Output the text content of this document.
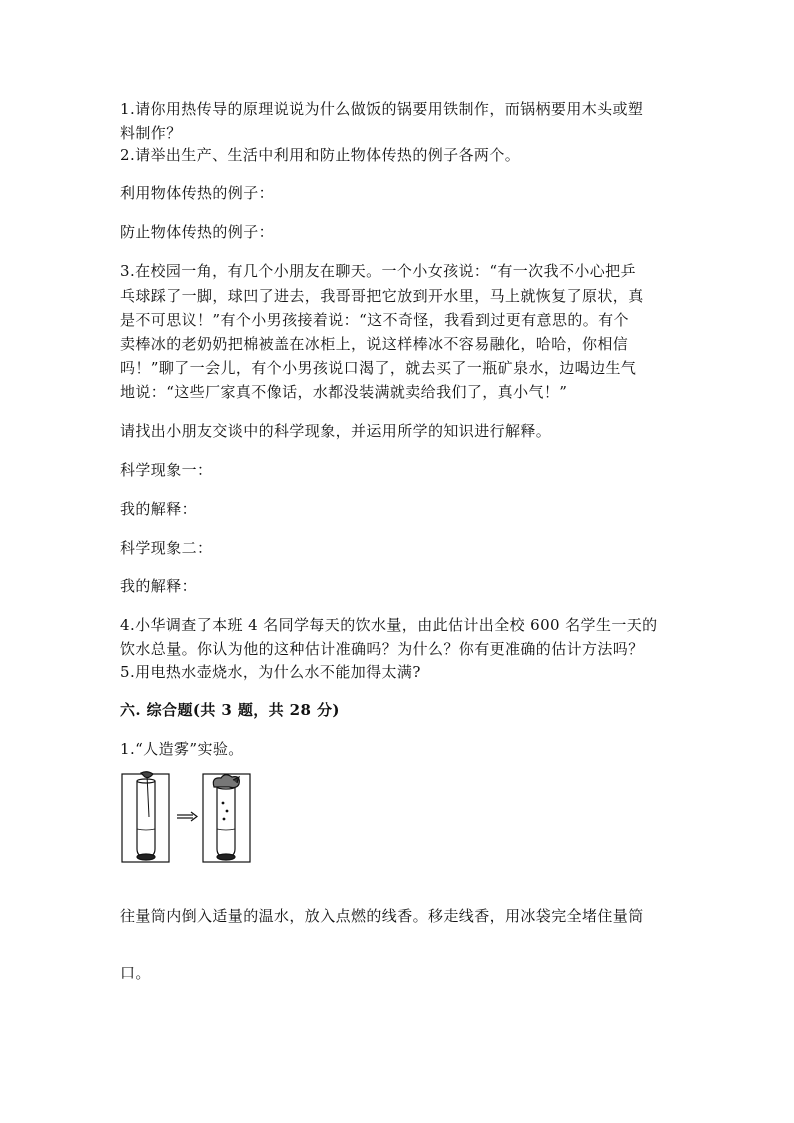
1.请你用热传导的原理说说为什么做饭的锅要用铁制作，而锅柄要用木头或塑

料制作？

2.请举出生产、生活中利用和防止物体传热的例子各两个。

利用物体传热的例子：

防止物体传热的例子：

3.在校园一角，有几个小朋友在聊天。一个小女孩说：“有一次我不小心把乒

乓球踩了一脚，球凹了进去，我哥哥把它放到开水里，马上就恢复了原状，真

是不可思议！”有个小男孩接着说：“这不奇怪，我看到过更有意思的。有个

卖棒冰的老奶奶把棉被盖在冰柜上，说这样棒冰不容易融化，哈哈，你相信

吗！”聊了一会儿，有个小男孩说口渴了，就去买了一瓶矿泉水，边喝边生气

地说：“这些厂家真不像话，水都没装满就卖给我们了，真小气！”

请找出小朋友交谈中的科学现象，并运用所学的知识进行解释。

科学现象一：

我的解释：

科学现象二：

我的解释：

4.小华调查了本班 4 名同学每天的饮水量，由此估计出全校 600 名学生一天的

饮水总量。你认为他的这种估计准确吗？为什么？你有更准确的估计方法吗？

5.用电热水壶烧水，为什么水不能加得太满?

六. 综合题(共 3 题，共 28 分)

1.“人造雾”实验。

往量筒内倒入适量的温水，放入点燃的线香。移走线香，用冰袋完全堵住量筒

口。
